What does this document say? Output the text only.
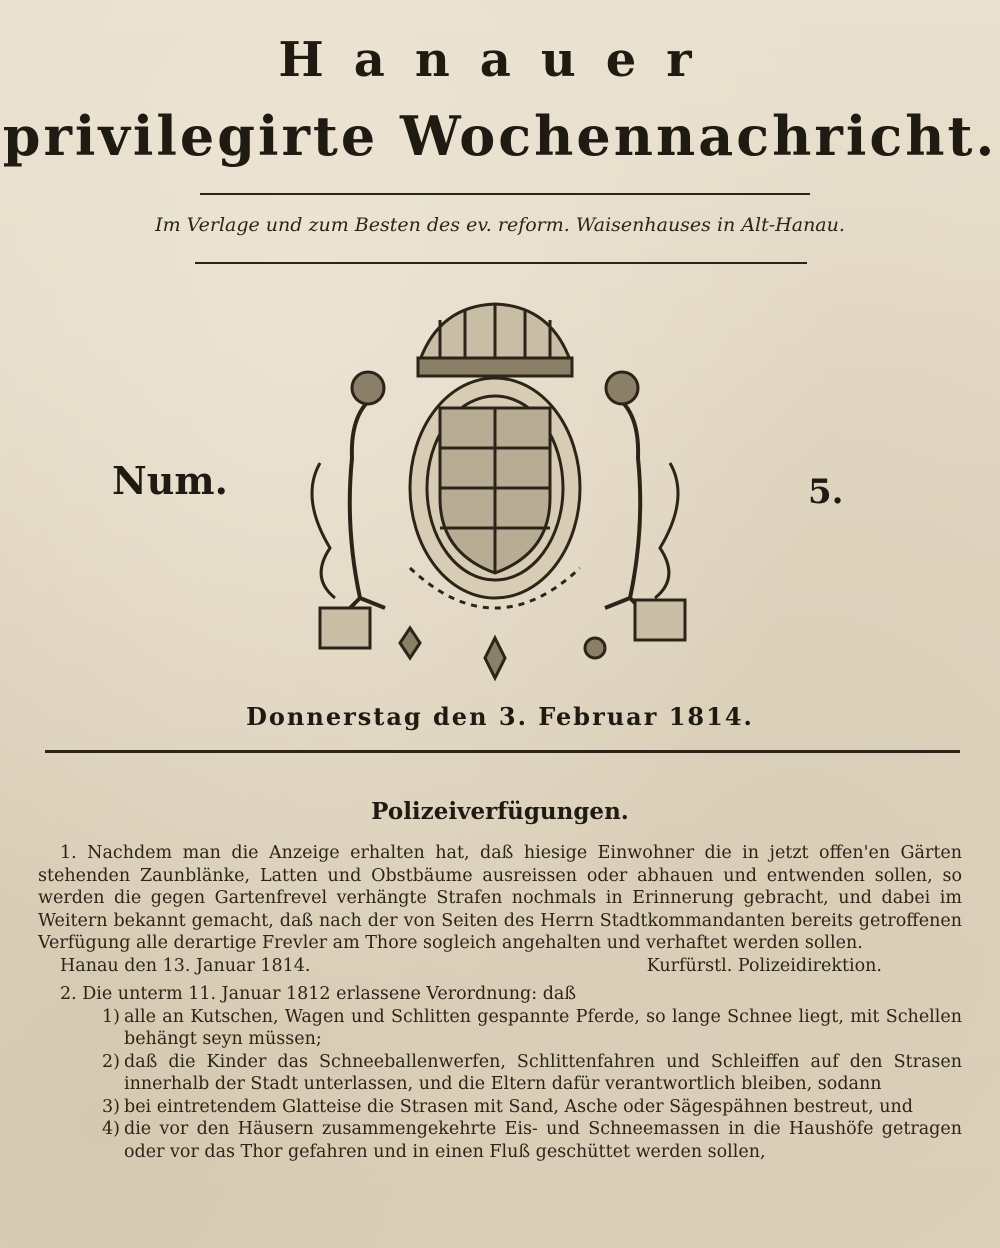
Hanauer
privilegirte Wochennachricht.
Im Verlage und zum Besten des ev. reform. Waisenhauses in Alt-Hanau.
Num.	5.
Donnerstag den 3. Februar 1814.
Polizeiverfügungen.
1. Nachdem man die Anzeige erhalten hat, daß hiesige Einwohner die in jetzt offen'en Gärten stehenden Zaunblänke, Latten und Obstbäume ausreissen oder abhauen und entwenden sollen, so werden die gegen Gartenfrevel verhängte Strafen nochmals in Erinnerung gebracht, und dabei im Weitern bekannt gemacht, daß nach der von Seiten des Herrn Stadtkommandanten bereits getroffenen Verfügung alle derartige Frevler am Thore sogleich angehalten und verhaftet werden sollen.
Hanau den 13. Januar 1814.	Kurfürstl. Polizeidirektion.

2. Die unterm 11. Januar 1812 erlassene Verordnung: daß

1) alle an Kutschen, Wagen und Schlitten gespannte Pferde, so lange Schnee liegt, mit Schellen behängt seyn müssen;
2) daß die Kinder das Schneeballenwerfen, Schlittenfahren und Schleiffen auf den Strasen innerhalb der Stadt unterlassen, und die Eltern dafür verantwortlich bleiben, sodann
3) bei eintretendem Glatteise die Strasen mit Sand, Asche oder Sägespähnen bestreut, und
4) die vor den Häusern zusammengekehrte Eis- und Schneemassen in die Haushöfe getragen oder vor das Thor gefahren und in einen Fluß geschüttet werden sollen,
